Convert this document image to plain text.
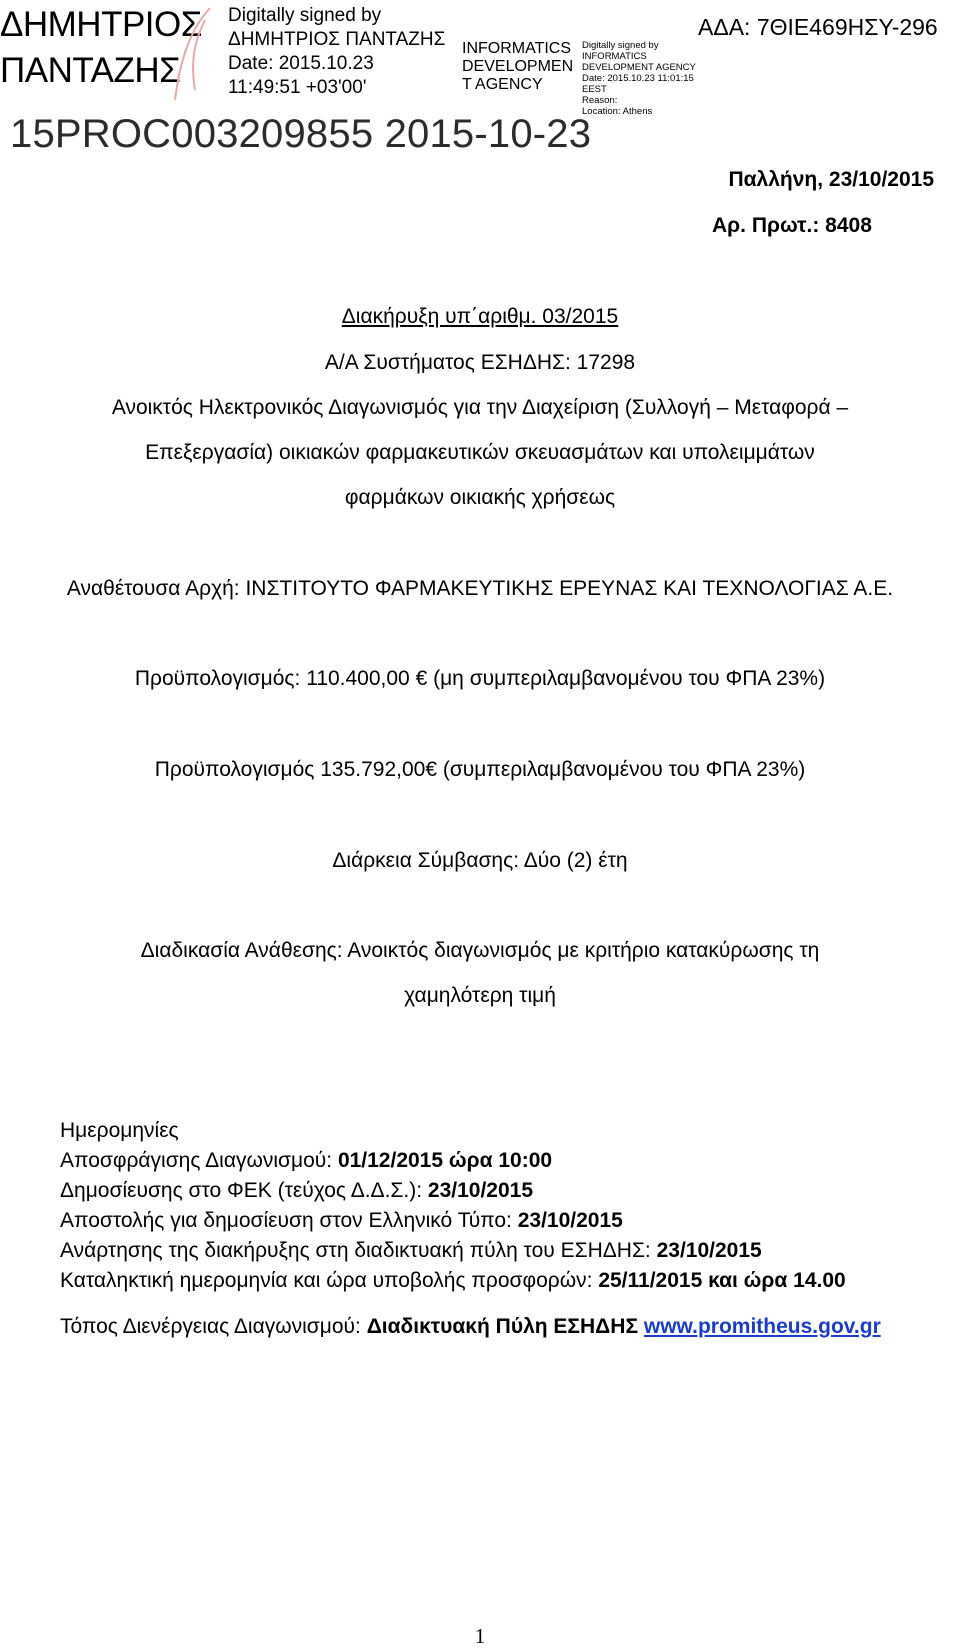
ΔΗΜΗΤΡΙΟΣ
ΠΑΝΤΑΖΗΣ
Digitally signed by
ΔΗΜΗΤΡΙΟΣ ΠΑΝΤΑΖΗΣ
Date: 2015.10.23
11:49:51 +03'00'
INFORMATICS
DEVELOPMEN
T AGENCY
Digitally signed by
INFORMATICS
DEVELOPMENT AGENCY
Date: 2015.10.23 11:01:15
EEST
Reason:
Location: Athens
ΑΔΑ: 7ΘΙΕ469ΗΣΥ-296
15PROC003209855 2015-10-23
Παλλήνη, 23/10/2015
Αρ. Πρωτ.: 8408
Διακήρυξη υπ΄αριθμ. 03/2015
Α/Α Συστήματος ΕΣΗΔΗΣ: 17298
Ανοικτός Ηλεκτρονικός Διαγωνισμός για την Διαχείριση (Συλλογή – Μεταφορά –
Επεξεργασία) οικιακών φαρμακευτικών σκευασμάτων και υπολειμμάτων
φαρμάκων οικιακής χρήσεως
Αναθέτουσα Αρχή: ΙΝΣΤΙΤΟΥΤΟ ΦΑΡΜΑΚΕΥΤΙΚΗΣ ΕΡΕΥΝΑΣ ΚΑΙ ΤΕΧΝΟΛΟΓΙΑΣ Α.Ε.
Προϋπολογισμός: 110.400,00 € (μη συμπεριλαμβανομένου του ΦΠΑ 23%)
Προϋπολογισμός 135.792,00€ (συμπεριλαμβανομένου του ΦΠΑ 23%)
Διάρκεια Σύμβασης: Δύο (2) έτη
Διαδικασία Ανάθεσης: Ανοικτός διαγωνισμός με κριτήριο κατακύρωσης τη
χαμηλότερη τιμή
Ημερομηνίες
Αποσφράγισης Διαγωνισμού: 01/12/2015 ώρα 10:00
Δημοσίευσης στο ΦΕΚ (τεύχος Δ.Δ.Σ.): 23/10/2015
Αποστολής για δημοσίευση στον Ελληνικό Τύπο: 23/10/2015
Ανάρτησης της διακήρυξης στη διαδικτυακή πύλη του ΕΣΗΔΗΣ: 23/10/2015
Καταληκτική ημερομηνία και ώρα υποβολής προσφορών: 25/11/2015 και ώρα 14.00
Τόπος Διενέργειας Διαγωνισμού: Διαδικτυακή Πύλη ΕΣΗΔΗΣ www.promitheus.gov.gr
1
